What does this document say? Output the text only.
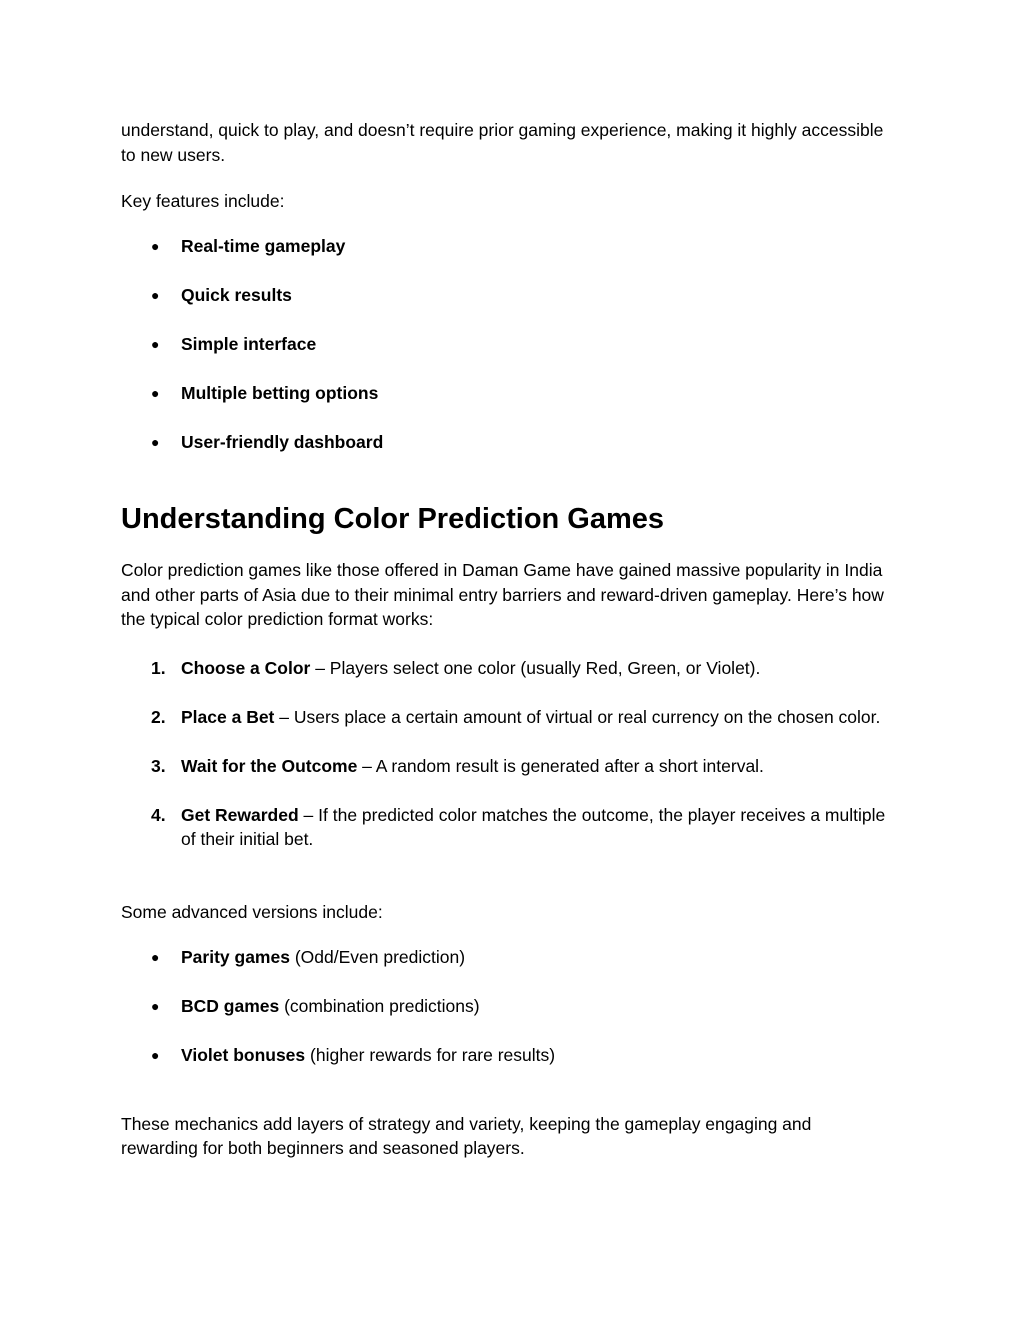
understand, quick to play, and doesn’t require prior gaming experience, making it highly accessible to new users.

Key features include:

● Real-time gameplay
● Quick results
● Simple interface
● Multiple betting options
● User-friendly dashboard
Understanding Color Prediction Games

Color prediction games like those offered in Daman Game have gained massive popularity in India and other parts of Asia due to their minimal entry barriers and reward-driven gameplay. Here’s how the typical color prediction format works:

1. Choose a Color – Players select one color (usually Red, Green, or Violet).
2. Place a Bet – Users place a certain amount of virtual or real currency on the chosen color.
3. Wait for the Outcome – A random result is generated after a short interval.
4. Get Rewarded – If the predicted color matches the outcome, the player receives a multiple of their initial bet.

Some advanced versions include:

● Parity games (Odd/Even prediction)
● BCD games (combination predictions)
● Violet bonuses (higher rewards for rare results)

These mechanics add layers of strategy and variety, keeping the gameplay engaging and rewarding for both beginners and seasoned players.
